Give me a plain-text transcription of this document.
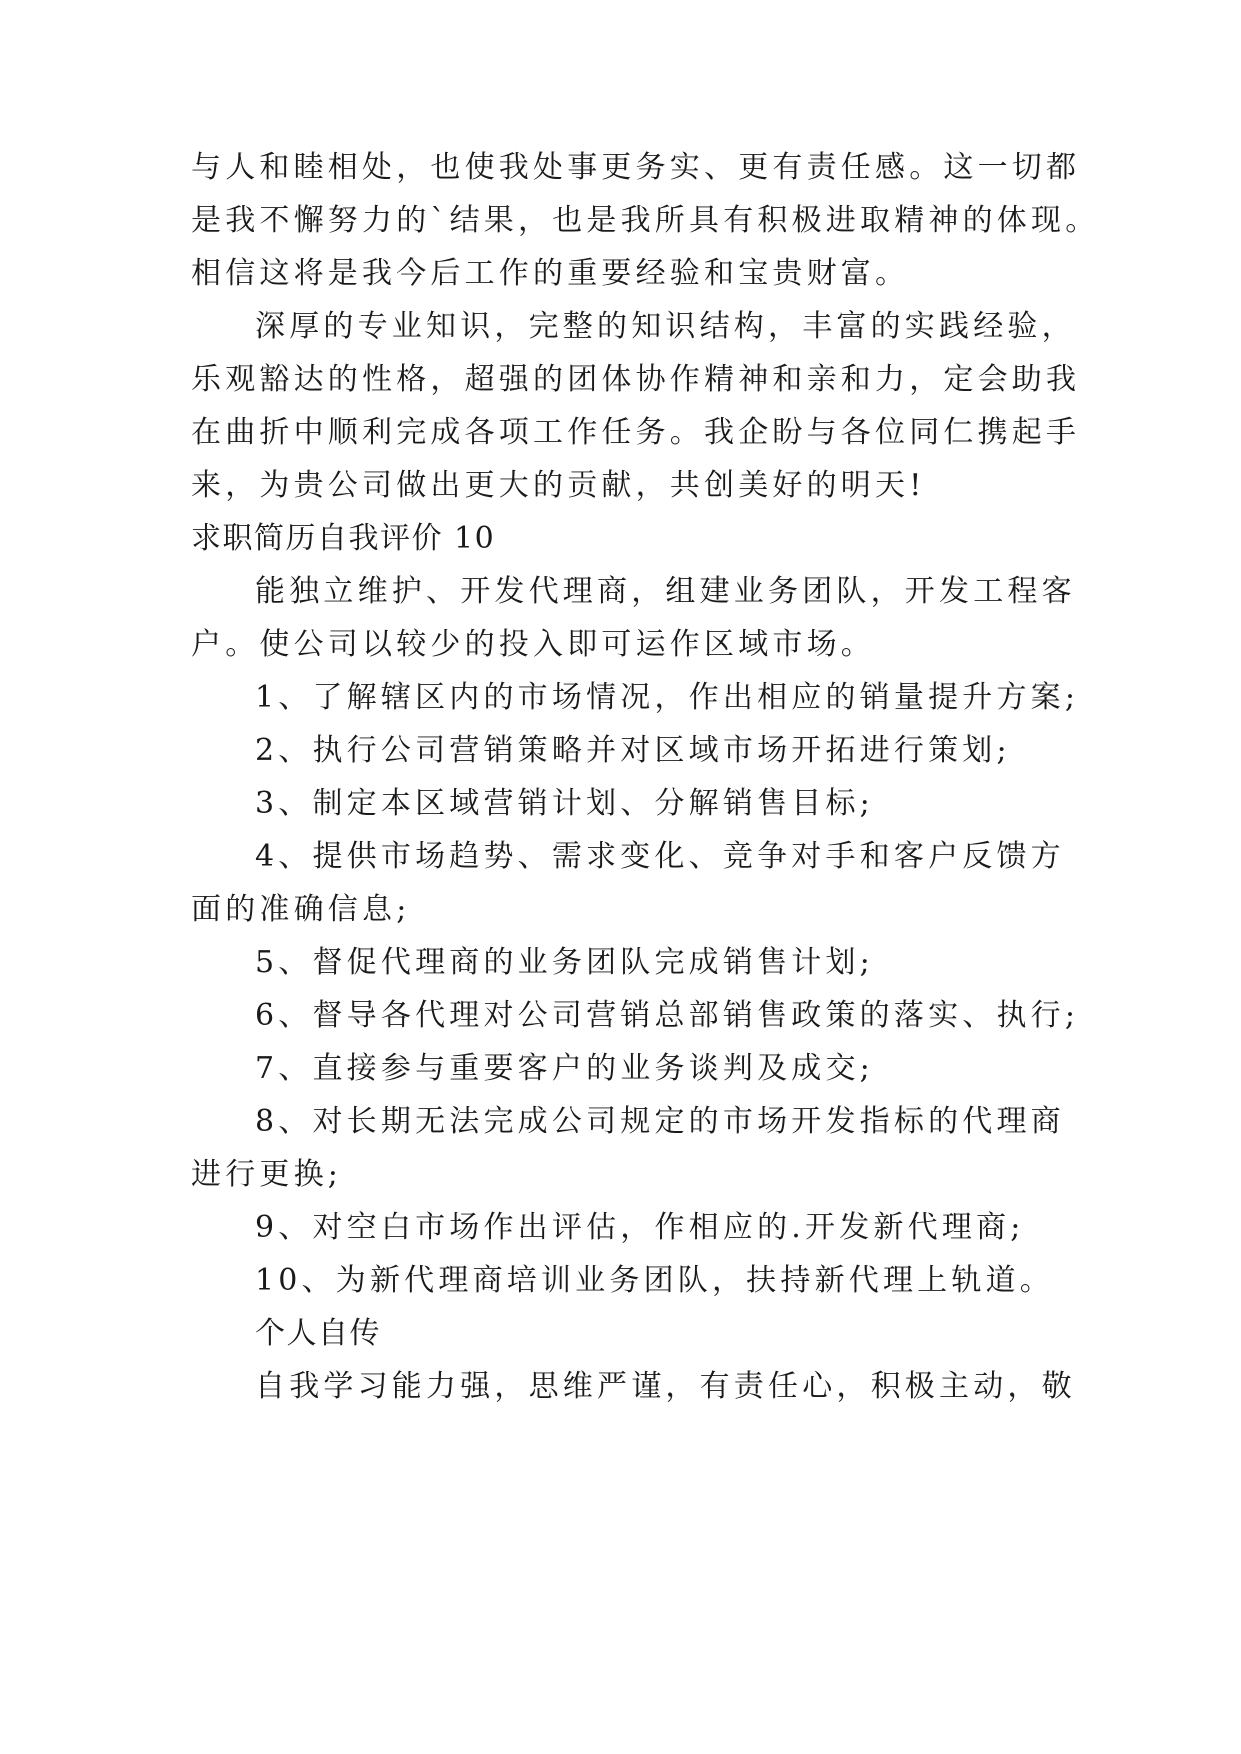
与人和睦相处，也使我处事更务实、更有责任感。这一切都
是我不懈努力的`结果，也是我所具有积极进取精神的体现。
相信这将是我今后工作的重要经验和宝贵财富。
深厚的专业知识，完整的知识结构，丰富的实践经验，
乐观豁达的性格，超强的团体协作精神和亲和力，定会助我
在曲折中顺利完成各项工作任务。我企盼与各位同仁携起手
来，为贵公司做出更大的贡献，共创美好的明天!
求职简历自我评价 10
能独立维护、开发代理商，组建业务团队，开发工程客
户。使公司以较少的投入即可运作区域市场。
1、了解辖区内的市场情况，作出相应的销量提升方案;
2、执行公司营销策略并对区域市场开拓进行策划;
3、制定本区域营销计划、分解销售目标;
4、提供市场趋势、需求变化、竞争对手和客户反馈方
面的准确信息;
5、督促代理商的业务团队完成销售计划;
6、督导各代理对公司营销总部销售政策的落实、执行;
7、直接参与重要客户的业务谈判及成交;
8、对长期无法完成公司规定的市场开发指标的代理商
进行更换;
9、对空白市场作出评估，作相应的.开发新代理商;
10、为新代理商培训业务团队，扶持新代理上轨道。
个人自传
自我学习能力强，思维严谨，有责任心，积极主动，敬
